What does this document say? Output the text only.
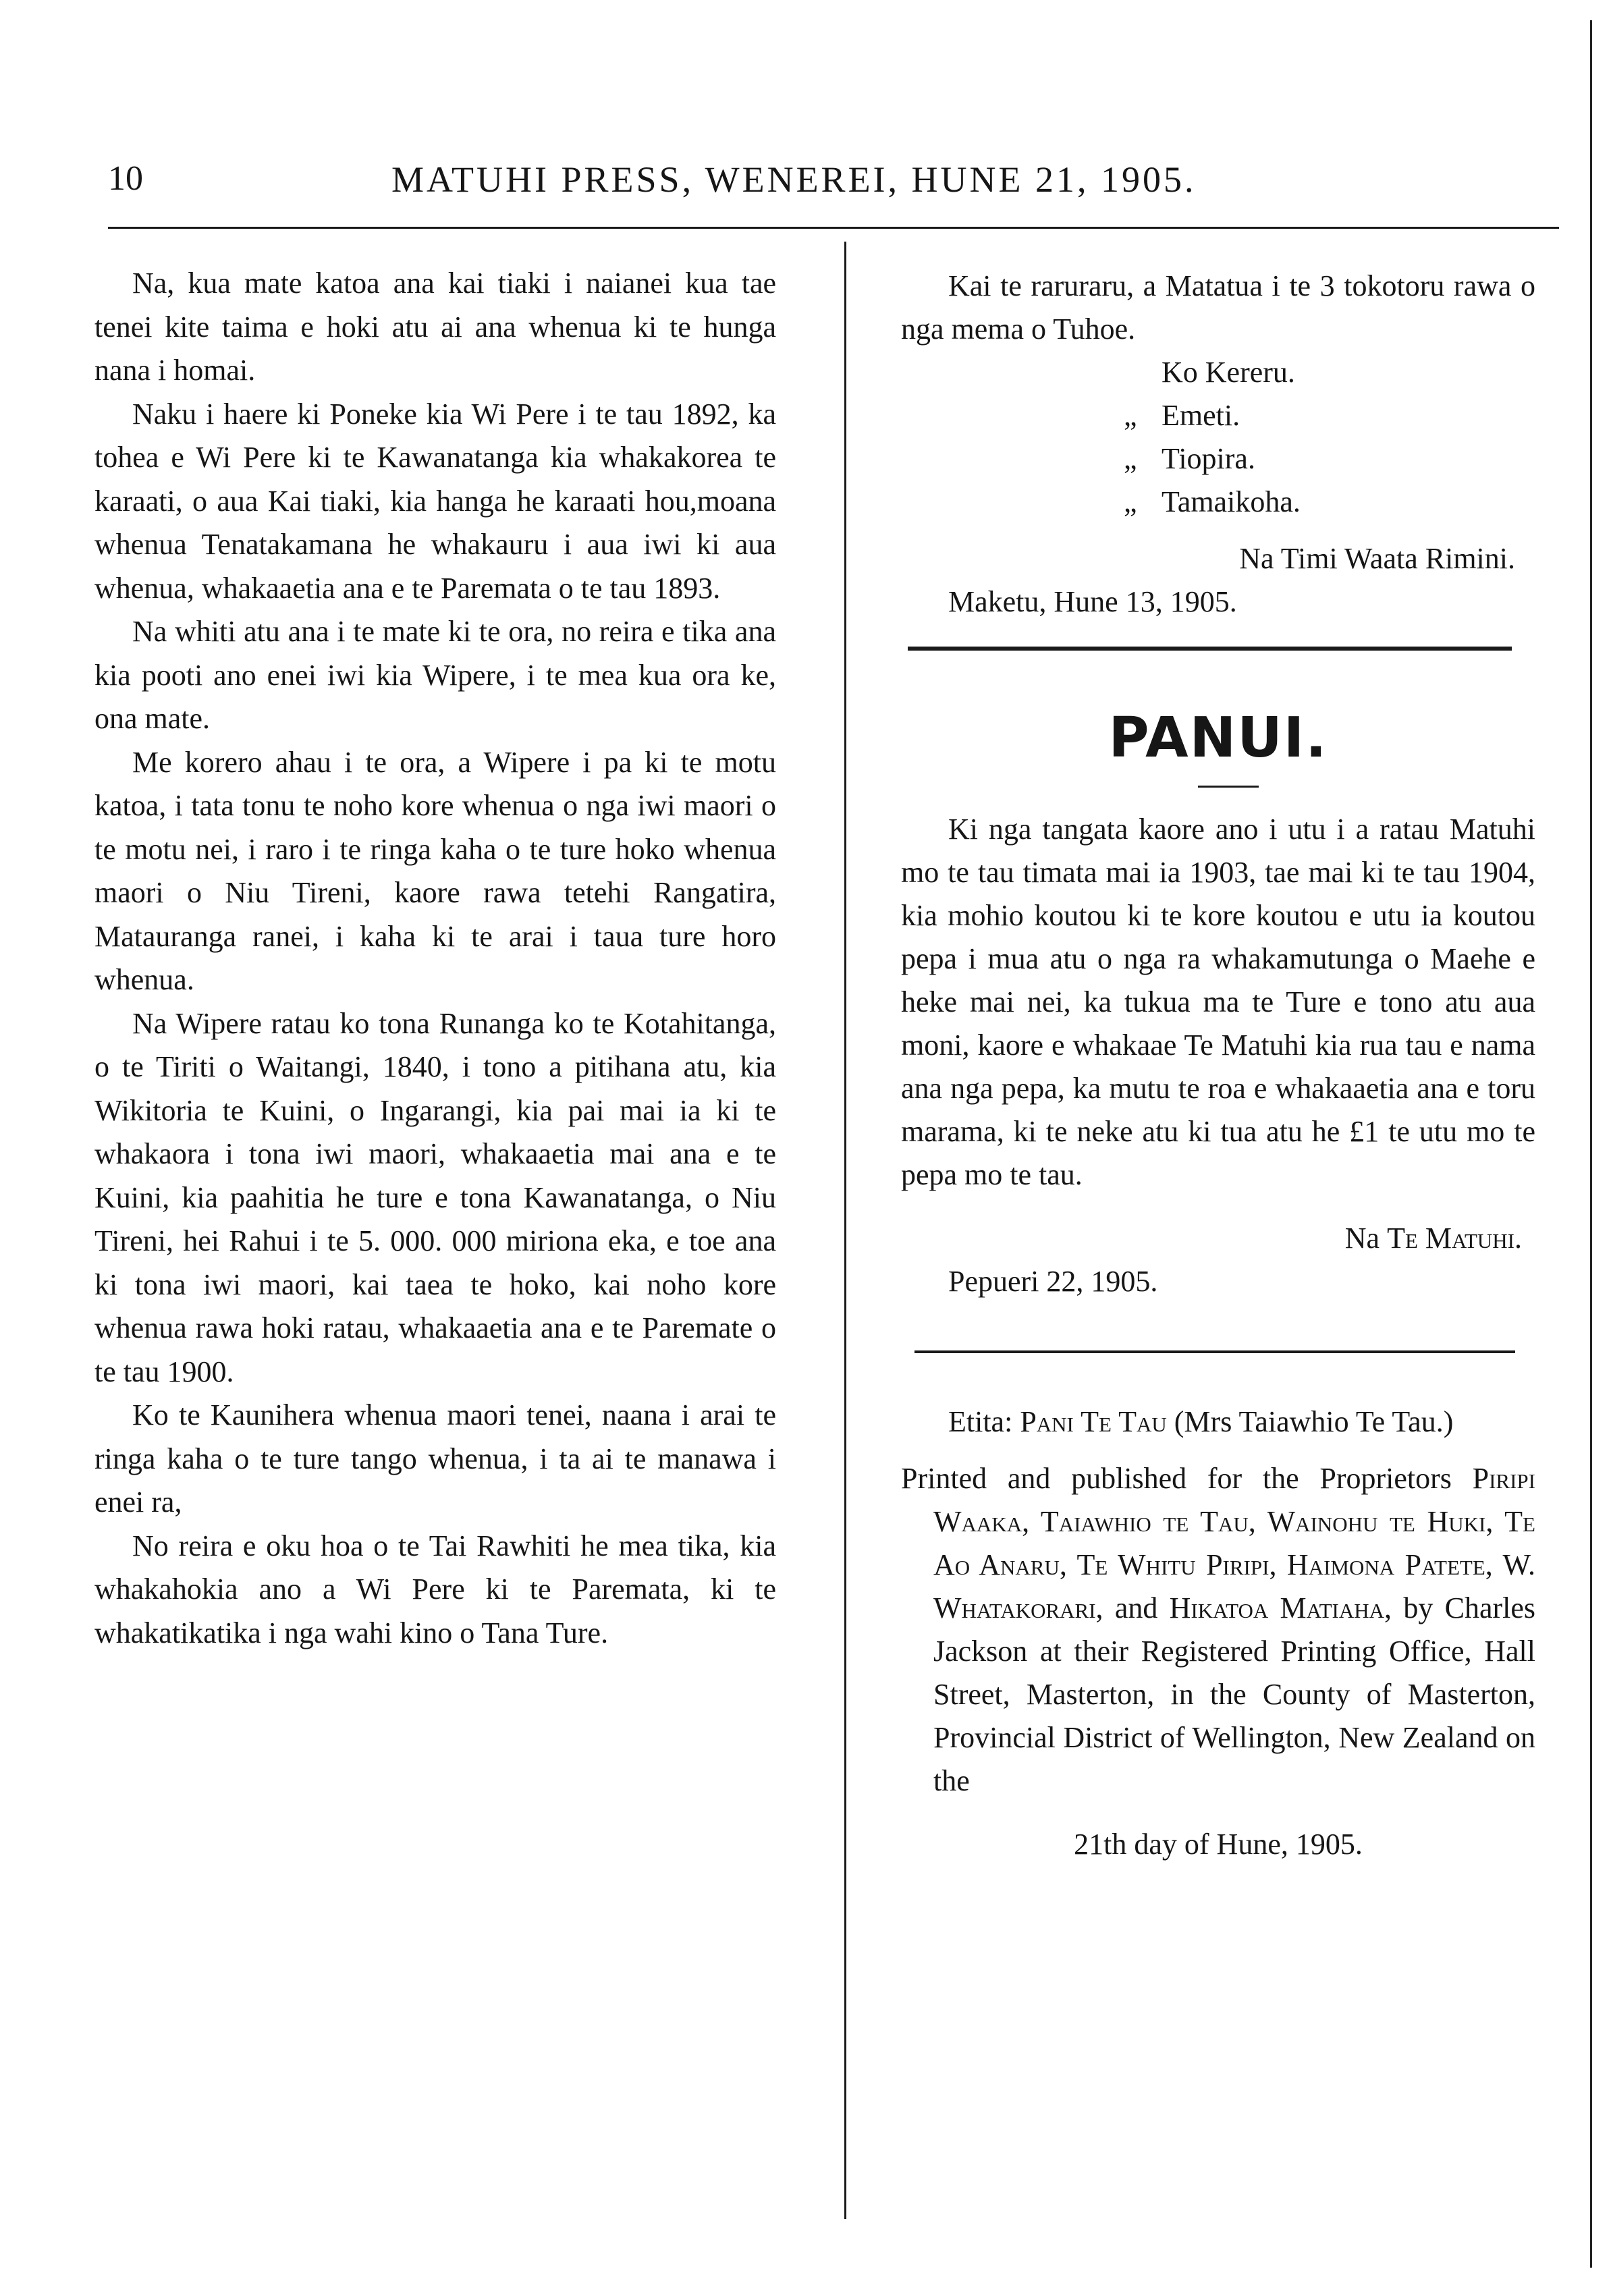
10	MATUHI PRESS, WENEREI, HUNE 21, 1905.

Na, kua mate katoa ana kai tiaki i naianei kua tae tenei kite taima e hoki atu ai ana whenua ki te hunga nana i homai.

Naku i haere ki Poneke kia Wi Pere i te tau 1892, ka tohea e Wi Pere ki te Kawanatanga kia whakakorea te karaati, o aua Kai tiaki, kia hanga he karaati hou,moana whenua Tenatakamana he whakauru i aua iwi ki aua whenua, whakaaetia ana e te Paremata o te tau 1893.

Na whiti atu ana i te mate ki te ora, no reira e tika ana kia pooti ano enei iwi kia Wipere, i te mea kua ora ke, ona mate.

Me korero ahau i te ora, a Wipere i pa ki te motu katoa, i tata tonu te noho kore whenua o nga iwi maori o te motu nei, i raro i te ringa kaha o te ture hoko whenua maori o Niu Tireni, kaore rawa tetehi Rangatira, Matauranga ranei, i kaha ki te arai i taua ture horo whenua.

Na Wipere ratau ko tona Runanga ko te Kotahitanga, o te Tiriti o Waitangi, 1840, i tono a pitihana atu, kia Wikitoria te Kuini, o Ingarangi, kia pai mai ia ki te whakaora i tona iwi maori, whakaaetia mai ana e te Kuini, kia paahitia he ture e tona Kawanatanga, o Niu Tireni, hei Rahui i te 5. 000. 000 miriona eka, e toe ana ki tona iwi maori, kai taea te hoko, kai noho kore whenua rawa hoki ratau, whakaaetia ana e te Paremate o te tau 1900.

Ko te Kaunihera whenua maori tenei, naana i arai te ringa kaha o te ture tango whenua, i ta ai te manawa i enei ra,

No reira e oku hoa o te Tai Rawhiti he mea tika, kia whakahokia ano a Wi Pere ki te Paremata, ki te whakatikatika i nga wahi kino o Tana Ture.

Kai te raruraru, a Matatua i te 3 tokotoru rawa o nga mema o Tuhoe.

Ko Kereru.
„ Emeti.
„ Tiopira.
„ Tamaikoha.

Na Timi Waata Rimini.

Maketu, Hune 13, 1905.

PANUI.

Ki nga tangata kaore ano i utu i a ratau Matuhi mo te tau timata mai ia 1903, tae mai ki te tau 1904, kia mohio koutou ki te kore koutou e utu ia koutou pepa i mua atu o nga ra whakamutunga o Maehe e heke mai nei, ka tukua ma te Ture e tono atu aua moni, kaore e whakaae Te Matuhi kia rua tau e nama ana nga pepa, ka mutu te roa e whakaaetia ana e toru marama, ki te neke atu ki tua atu he £1 te utu mo te pepa mo te tau.

Na Te Matuhi.

Pepueri 22, 1905.

Etita: Pani Te Tau (Mrs Taiawhio Te Tau.)

Printed and published for the Proprietors Piripi Waaka, Taiawhio te Tau, Wainohu te Huki, Te Ao Anaru, Te Whitu Piripi, Haimona Patete, W. Whatakorari, and Hikatoa Matiaha, by Charles Jackson at their Registered Printing Office, Hall Street, Masterton, in the County of Masterton, Provincial District of Wellington, New Zealand on the

21th day of Hune, 1905.
